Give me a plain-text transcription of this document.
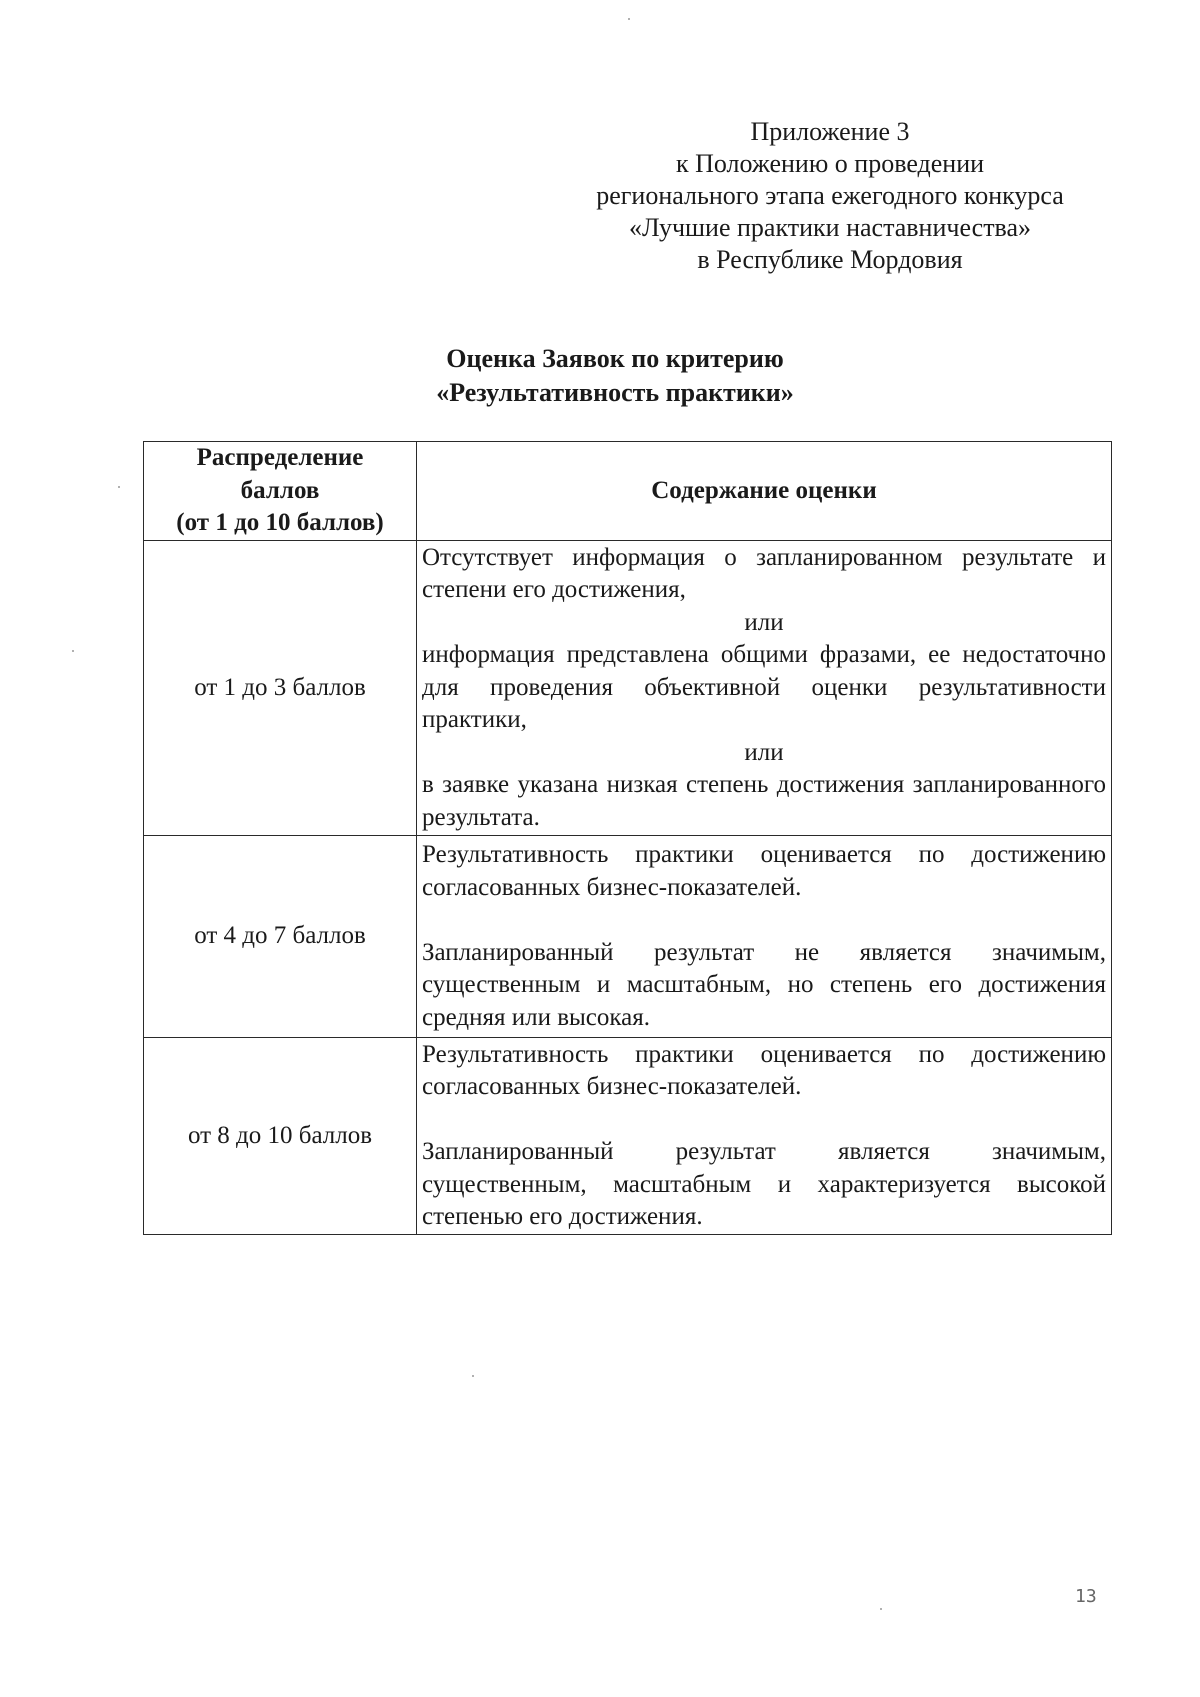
Приложение 3
к Положению о проведении
регионального этапа ежегодного конкурса
«Лучшие практики наставничества»
в Республике Мордовия
Оценка Заявок по критерию
«Результативность практики»
Распределение
баллов
(от 1 до 10 баллов)	Содержание оценки
от 1 до 3 баллов	Отсутствует информация о запланированном результате и степени его достижения,
или
информация представлена общими фразами, ее недостаточно для проведения объективной оценки результативности практики,
или
в заявке указана низкая степень достижения запланированного результата.

от 4 до 7 баллов	Результативность практики оценивается по достижению согласованных бизнес-показателей.
Запланированный результат не является значимым, существенным и масштабным, но степень его достижения средняя или высокая.

от 8 до 10 баллов	Результативность практики оценивается по достижению согласованных бизнес-показателей.
Запланированный результат является значимым, существенным, масштабным и характеризуется высокой степенью его достижения.
13
